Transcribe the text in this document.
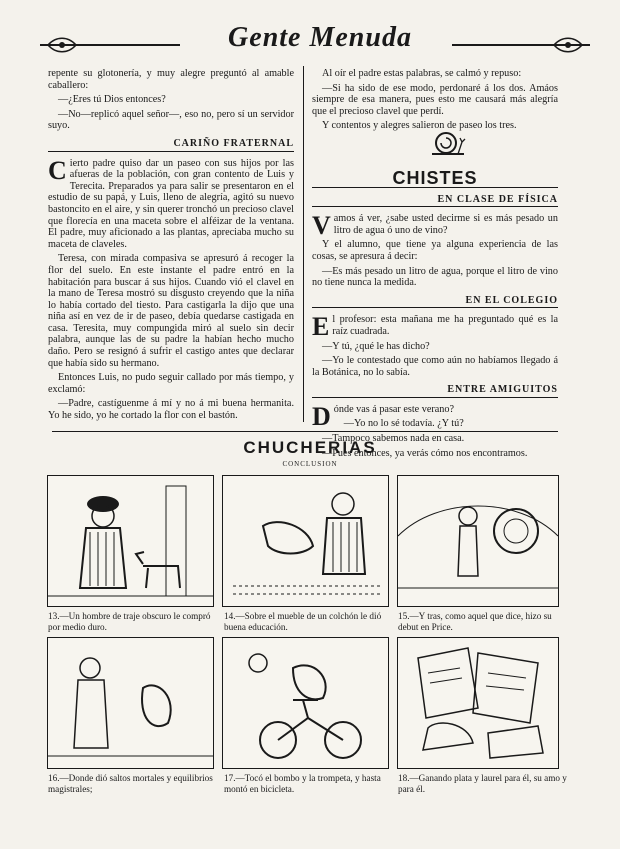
Gente Menuda

repente su glotonería, y muy alegre preguntó al amable caballero:

—¿Eres tú Dios entonces?

—No—replicó aquel señor—, eso no, pero sí un servidor suyo.

CARIÑO FRATERNAL

Cierto padre quiso dar un paseo con sus hijos por las afueras de la población, con gran contento de Luis y Terecita. Preparados ya para salir se presentaron en el estudio de su papá, y Luis, lleno de alegría, agitó su nuevo bastoncito en el aire, y sin querer tronchó un precioso clavel que florecía en una maceta sobre el alféizar de la ventana. El padre, muy aficionado a las plantas, apreciaba mucho su maceta de claveles.

Teresa, con mirada compasiva se apresuró á recoger la flor del suelo. En este instante el padre entró en la habitación para buscar á sus hijos. Cuando vió el clavel en la mano de Teresa mostró su disgusto creyendo que la niña lo había cortado del tiesto. Para castigarla la dijo que una niña así en vez de ir de paseo, debía quedarse castigada en casa. Teresita, muy compungida miró al suelo sin decir palabra, aunque las de su padre la habían hecho mucho daño. Pero se resignó á sufrir el castigo antes que declarar que había sido su hermano.

Entonces Luis, no pudo seguir callado por más tiempo, y exclamó:

—Padre, castíguenme á mí y no á mi buena hermanita. Yo he sido, yo he cortado la flor con el bastón.

Al oír el padre estas palabras, se calmó y repuso:

—Si ha sido de ese modo, perdonaré á los dos. Amáos siempre de esa manera, pues esto me causará más alegría que el precioso clavel que perdí.

Y contentos y alegres salieron de paseo los tres.

CHISTES
EN CLASE DE FÍSICA

Vamos á ver, ¿sabe usted decirme si es más pesado un litro de agua ó uno de vino?

Y el alumno, que tiene ya alguna experiencia de las cosas, se apresura á decir:

—Es más pesado un litro de agua, porque el litro de vino no tiene nunca la medida.

EN EL COLEGIO

El profesor: esta mañana me ha preguntado qué es la raíz cuadrada.

—Y tú, ¿qué le has dicho?

—Yo le contestado que como aún no habíamos llegado á la Botánica, no lo sabía.

ENTRE AMIGUITOS

Dónde vas á pasar este verano?

—Yo no lo sé todavía. ¿Y tú?

—Tampoco sabemos nada en casa.

—Pues entonces, ya verás cómo nos encontramos.

CHUCHERIAS
CONCLUSION
13.—Un hombre de traje obscuro le compró por medio duro.
14.—Sobre el mueble de un colchón le dió buena educación.
15.—Y tras, como aquel que dice, hizo su debut en Price.
16.—Donde dió saltos mortales y equilibrios magistrales;
17.—Tocó el bombo y la trompeta, y hasta montó en bicicleta.
18.—Ganando plata y laurel para él, su amo y para él.
